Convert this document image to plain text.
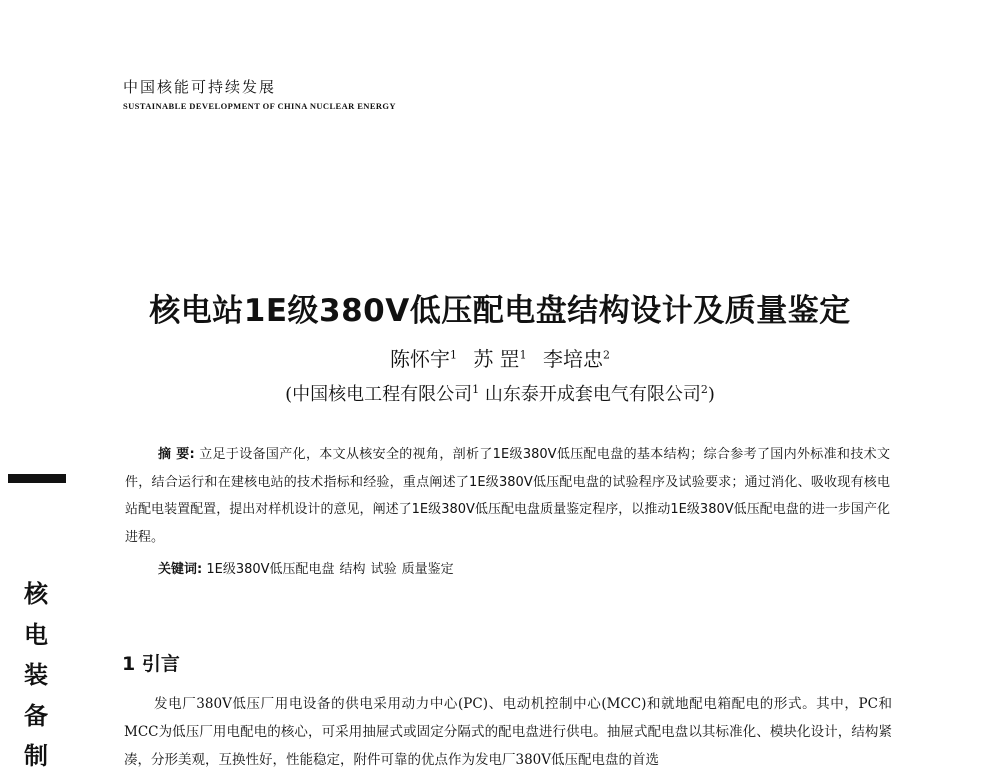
中国核能可持续发展
SUSTAINABLE DEVELOPMENT OF CHINA NUCLEAR ENERGY
核电站1E级380V低压配电盘结构设计及质量鉴定
陈怀宇$^1$ 苏 罡$^1$ 李培忠$^2$
(中国核电工程有限公司$^1$ 山东泰开成套电气有限公司$^2$)

摘 要: 立足于设备国产化，本文从核安全的视角，剖析了1E级380V低压配电盘的基本结构；综合参考了国内外标准和技术文件，结合运行和在建核电站的技术指标和经验，重点阐述了1E级380V低压配电盘的试验程序及试验要求；通过消化、吸收现有核电站配电装置配置，提出对样机设计的意见，阐述了1E级380V低压配电盘质量鉴定程序，以推动1E级380V低压配电盘的进一步国产化进程。

关键词: 1E级380V低压配电盘 结构 试验 质量鉴定

1 引言

发电厂380V低压厂用电设备的供电采用动力中心(PC)、电动机控制中心(MCC)和就地配电箱配电的形式。其中，PC和MCC为低压厂用电配电的核心，可采用抽屉式或固定分隔式的配电盘进行供电。抽屉式配电盘以其标准化、模块化设计，结构紧凑，分形美观，互换性好，性能稳定，附件可靠的优点作为发电厂380V低压配电盘的首选

核
电
装
备
制
